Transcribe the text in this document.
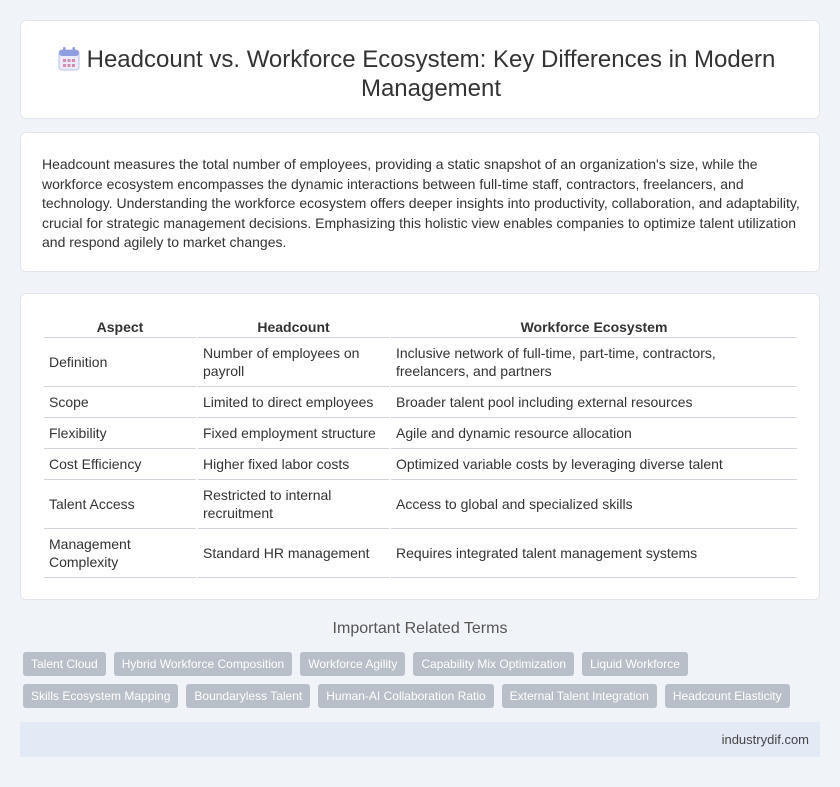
Headcount vs. Workforce Ecosystem: Key Differences in Modern Management

Headcount measures the total number of employees, providing a static snapshot of an organization's size, while the workforce ecosystem encompasses the dynamic interactions between full-time staff, contractors, freelancers, and technology. Understanding the workforce ecosystem offers deeper insights into productivity, collaboration, and adaptability, crucial for strategic management decisions. Emphasizing this holistic view enables companies to optimize talent utilization and respond agilely to market changes.

Aspect	Headcount	Workforce Ecosystem
Definition	Number of employees on payroll	Inclusive network of full-time, part-time, contractors, freelancers, and partners
Scope	Limited to direct employees	Broader talent pool including external resources
Flexibility	Fixed employment structure	Agile and dynamic resource allocation
Cost Efficiency	Higher fixed labor costs	Optimized variable costs by leveraging diverse talent
Talent Access	Restricted to internal recruitment	Access to global and specialized skills
Management Complexity	Standard HR management	Requires integrated talent management systems
Important Related Terms
Talent Cloud	Hybrid Workforce Composition	Workforce Agility	Capability Mix Optimization	Liquid Workforce
Skills Ecosystem Mapping	Boundaryless Talent	Human-AI Collaboration Ratio	External Talent Integration	Headcount Elasticity
industrydif.com
